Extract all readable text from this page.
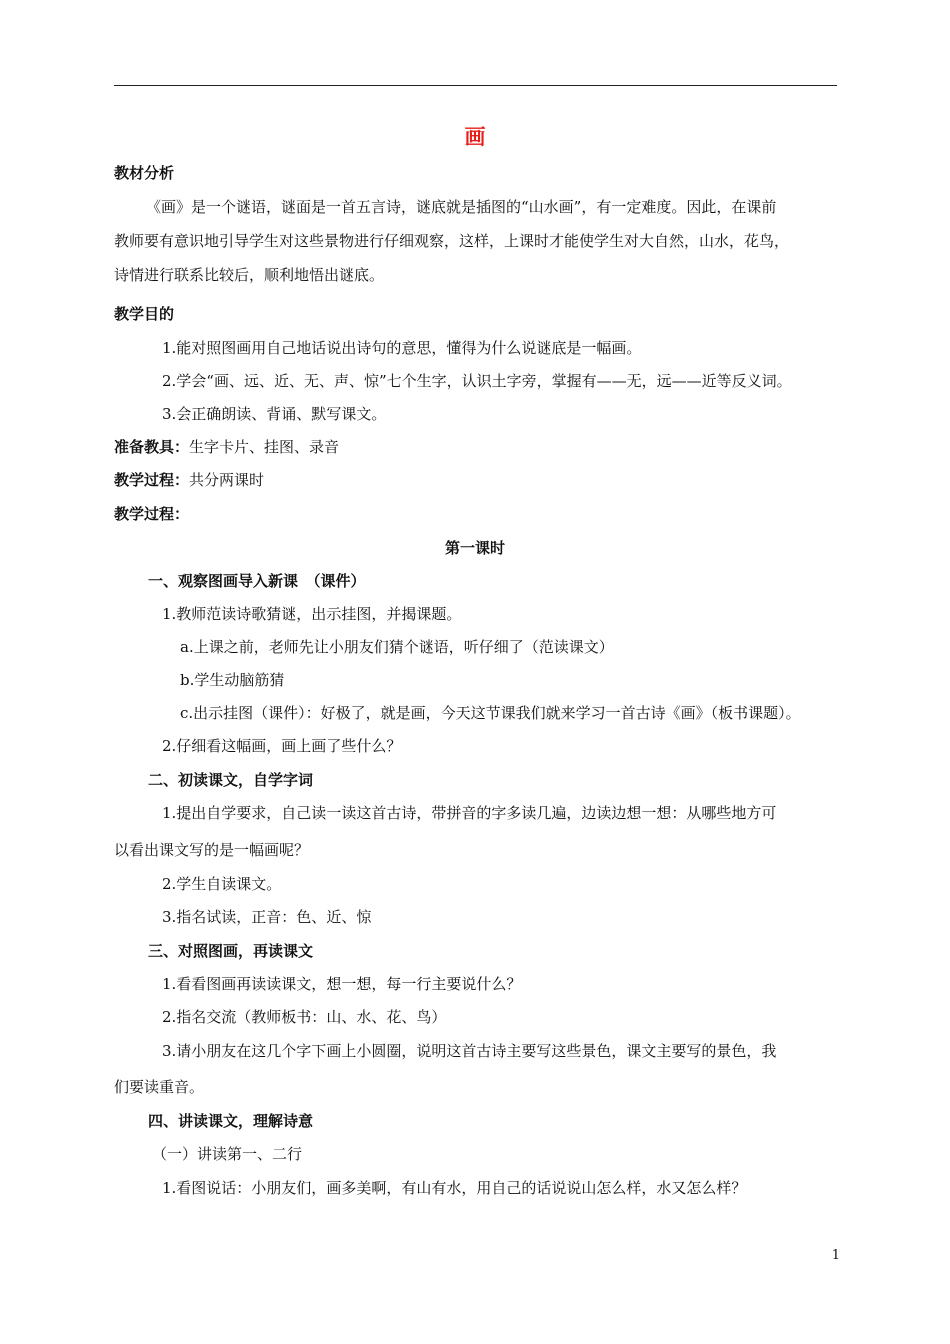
画
教材分析
《画》是一个谜语，谜面是一首五言诗，谜底就是插图的“山水画”，有一定难度。因此，在课前
教师要有意识地引导学生对这些景物进行仔细观察，这样，上课时才能使学生对大自然，山水，花鸟，
诗情进行联系比较后，顺利地悟出谜底。
教学目的
1.能对照图画用自己地话说出诗句的意思，懂得为什么说谜底是一幅画。
2.学会“画、远、近、无、声、惊”七个生字，认识土字旁，掌握有——无，远——近等反义词。
3.会正确朗读、背诵、默写课文。
准备教具：生字卡片、挂图、录音
教学过程：共分两课时
教学过程：
第一课时
一、观察图画导入新课　（课件）
1.教师范读诗歌猜谜，出示挂图，并揭课题。
a.上课之前，老师先让小朋友们猜个谜语，听仔细了（范读课文）
b.学生动脑筋猜
c.出示挂图（课件）：好极了，就是画，今天这节课我们就来学习一首古诗《画》（板书课题）。
2.仔细看这幅画，画上画了些什么？
二、初读课文，自学字词
1.提出自学要求，自己读一读这首古诗，带拼音的字多读几遍，边读边想一想：从哪些地方可
以看出课文写的是一幅画呢？
2.学生自读课文。
3.指名试读，正音：色、近、惊
三、对照图画，再读课文
1.看看图画再读读课文，想一想，每一行主要说什么？
2.指名交流（教师板书：山、水、花、鸟）
3.请小朋友在这几个字下画上小圆圈，说明这首古诗主要写这些景色，课文主要写的景色，我
们要读重音。
四、讲读课文，理解诗意
（一）讲读第一、二行
1.看图说话：小朋友们，画多美啊，有山有水，用自己的话说说山怎么样，水又怎么样？
1
